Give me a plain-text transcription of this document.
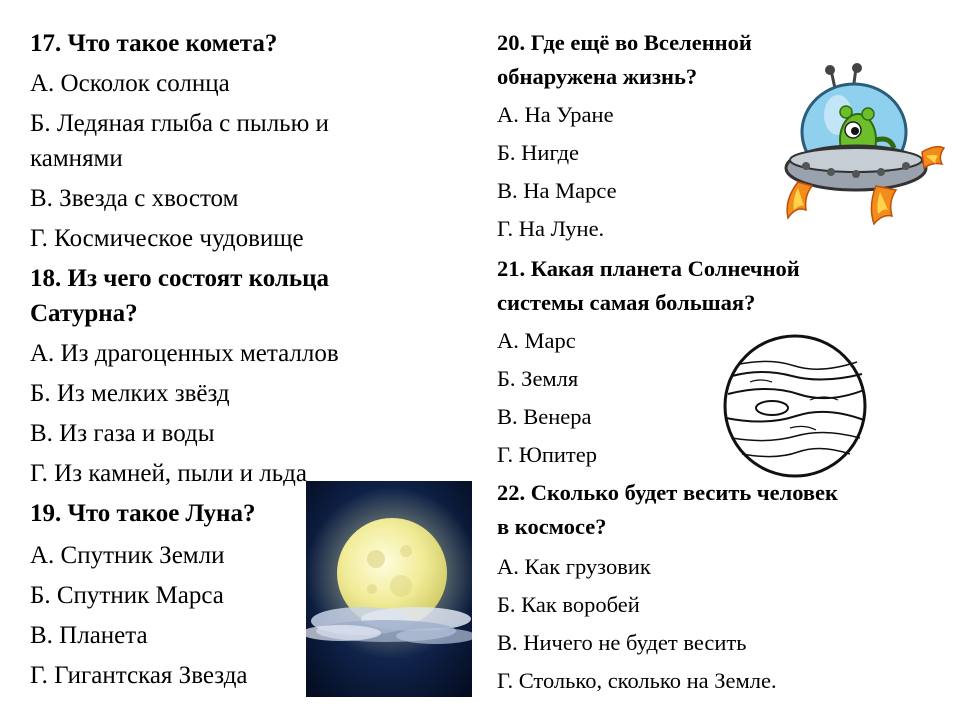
17. Что такое комета?

А. Осколок солнца

Б. Ледяная глыба с пылью и

камнями

В. Звезда с хвостом

Г. Космическое чудовище

18. Из чего состоят кольца

Сатурна?

А. Из драгоценных металлов

Б. Из мелких звёзд

В. Из газа и воды

Г. Из камней, пыли и льда

19. Что такое Луна?

А. Спутник Земли

Б. Спутник Марса

В. Планета

Г. Гигантская Звезда

20. Где ещё во Вселенной

обнаружена жизнь?

А. На Уране

Б. Нигде

В. На Марсе

Г. На Луне.

21. Какая планета Солнечной

системы самая большая?

А. Марс

Б. Земля

В. Венера

Г. Юпитер

22. Сколько будет весить человек

в космосе?

А. Как грузовик

Б. Как воробей

В. Ничего не будет весить

Г. Столько, сколько на Земле.
